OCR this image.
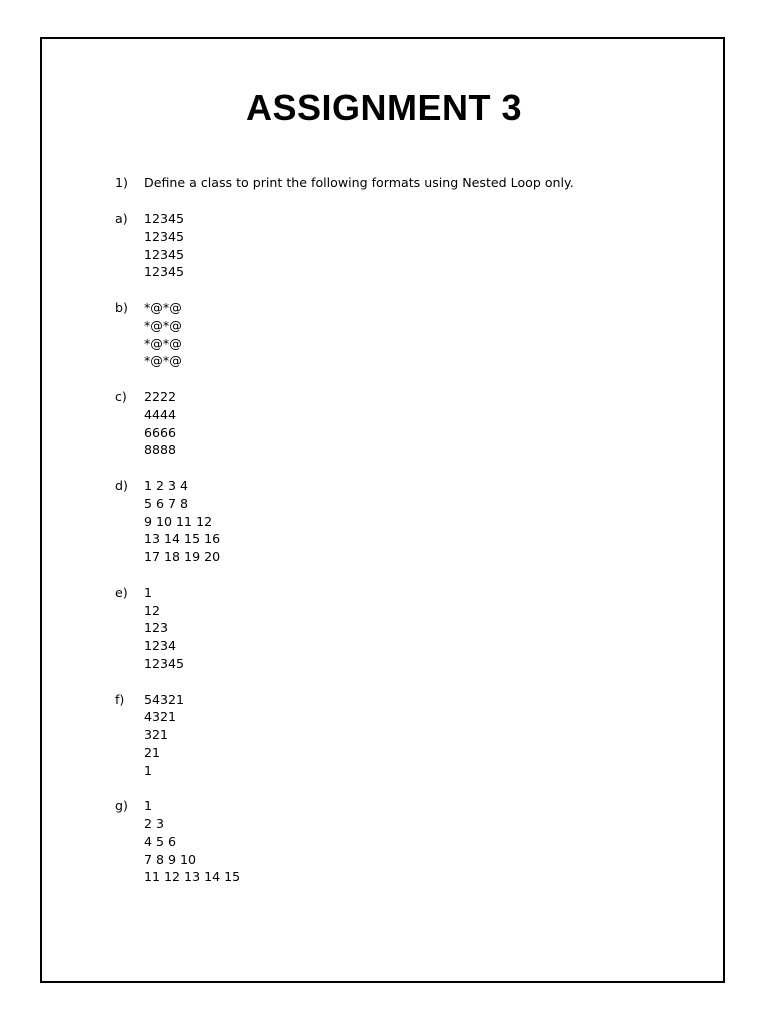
ASSIGNMENT 3
1) Define a class to print the following formats using Nested Loop only.
a)	12345
12345
12345
12345
b)	*@*@
*@*@
*@*@
*@*@
c)	2222
4444
6666
8888
d)	1 2 3 4
5 6 7 8
9 10 11 12
13 14 15 16
17 18 19 20
e)	1
12
123
1234
12345
f)	54321
4321
321
21
1
g)	1
2 3
4 5 6
7 8 9 10
11 12 13 14 15
